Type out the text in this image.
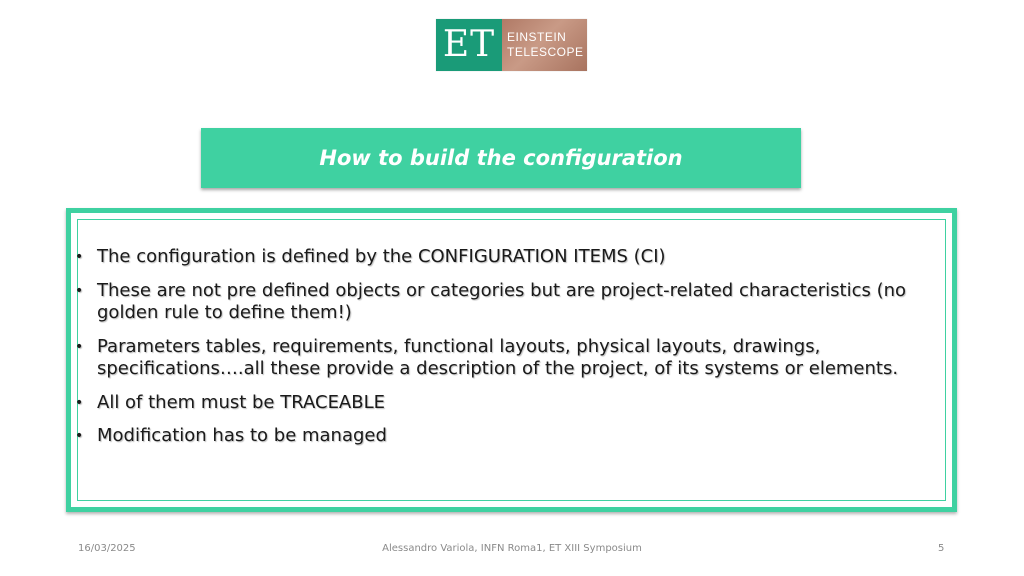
ET EINSTEIN
TELESCOPE
How to build the configuration
• The configuration is defined by the CONFIGURATION ITEMS (CI)
• These are not pre defined objects or categories but are project-related characteristics (no golden rule to define them!)
• Parameters tables, requirements, functional layouts, physical layouts, drawings, specifications….all these provide a description of the project, of its systems or elements.
• All of them must be TRACEABLE
• Modification has to be managed
16/03/2025	Alessandro Variola, INFN Roma1, ET XIII Symposium	5
